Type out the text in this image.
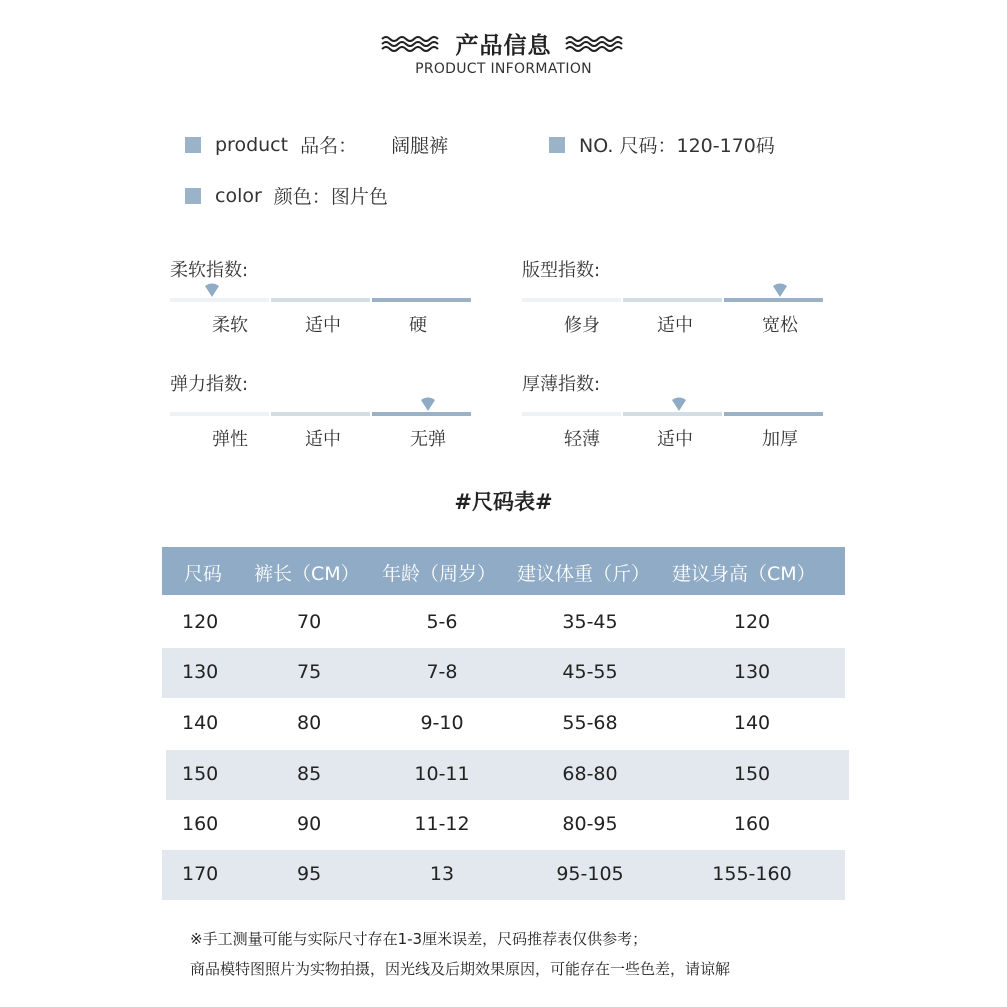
产品信息
PRODUCT INFORMATION
product 品名： 阔腿裤	NO. 尺码： 120-170码
color 颜色： 图片色
柔软指数:
柔软	适中	硬
版型指数:
修身	适中	宽松
弹力指数:
弹性	适中	无弹
厚薄指数:
轻薄	适中	加厚
#尺码表#
尺码 裤长（CM） 年龄（周岁） 建议体重（斤） 建议身高（CM）
120	70	5-6	35-45	120
130	75	7-8	45-55	130
140	80	9-10	55-68	140
150	85	10-11	68-80	150
160	90	11-12	80-95	160
170	95	13	95-105	155-160
※手工测量可能与实际尺寸存在1-3厘米误差，尺码推荐表仅供参考；
商品模特图照片为实物拍摄，因光线及后期效果原因，可能存在一些色差，请谅解
